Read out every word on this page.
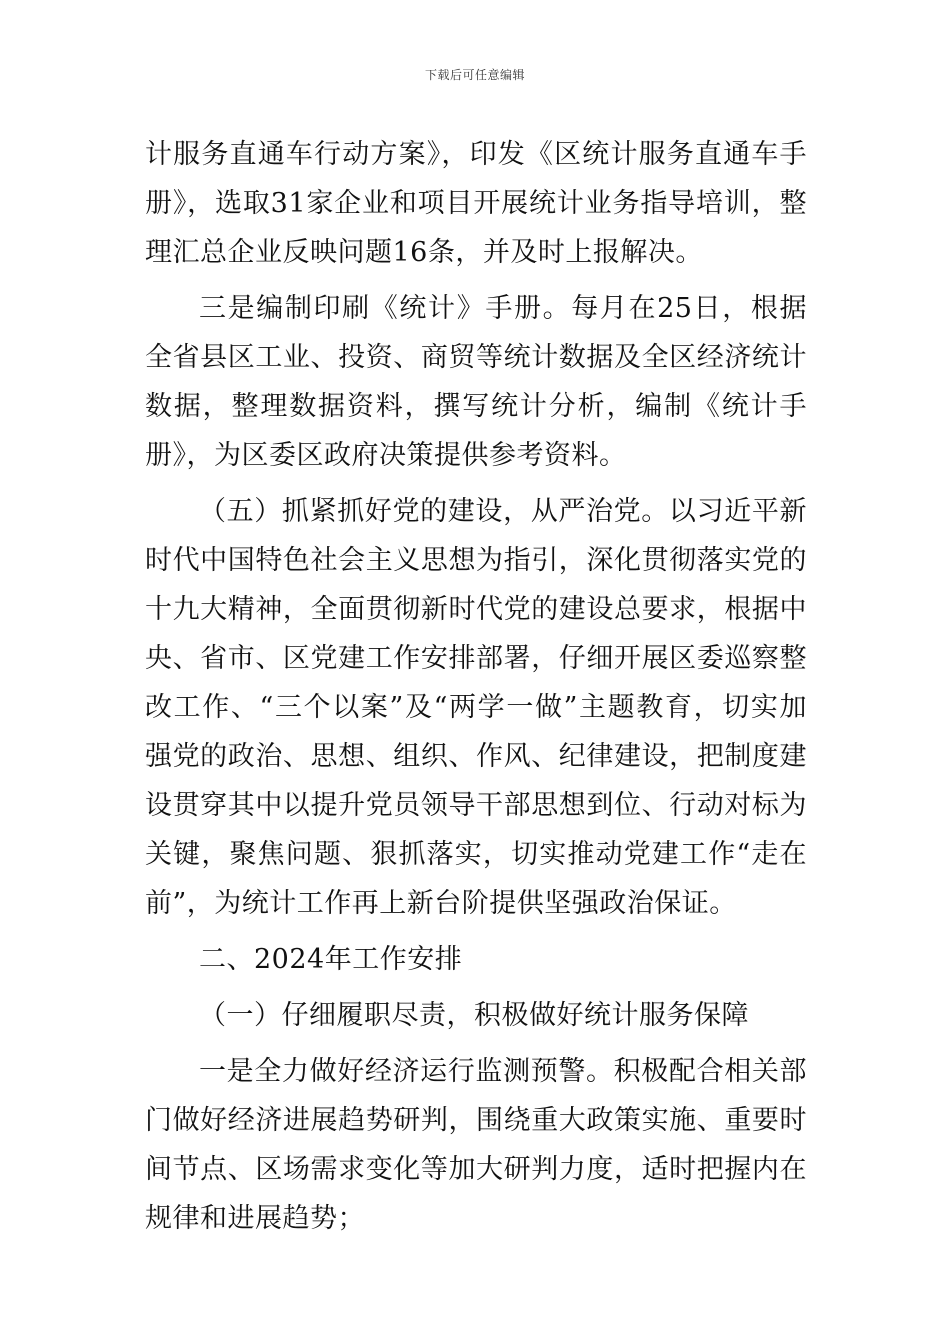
下载后可任意编辑

计服务直通车行动方案》，印发《区统计服务直通车手册》，选取31家企业和项目开展统计业务指导培训，整理汇总企业反映问题16条，并及时上报解决。

三是编制印刷《统计》手册。每月在25日，根据全省县区工业、投资、商贸等统计数据及全区经济统计数据，整理数据资料，撰写统计分析，编制《统计手册》，为区委区政府决策提供参考资料。

（五）抓紧抓好党的建设，从严治党。以习近平新时代中国特色社会主义思想为指引，深化贯彻落实党的十九大精神，全面贯彻新时代党的建设总要求，根据中央、省市、区党建工作安排部署，仔细开展区委巡察整改工作、“三个以案”及“两学一做”主题教育，切实加强党的政治、思想、组织、作风、纪律建设，把制度建设贯穿其中以提升党员领导干部思想到位、行动对标为关键，聚焦问题、狠抓落实，切实推动党建工作“走在前”，为统计工作再上新台阶提供坚强政治保证。

二、2024年工作安排

（一）仔细履职尽责，积极做好统计服务保障

一是全力做好经济运行监测预警。积极配合相关部门做好经济进展趋势研判，围绕重大政策实施、重要时间节点、区场需求变化等加大研判力度，适时把握内在规律和进展趋势；
